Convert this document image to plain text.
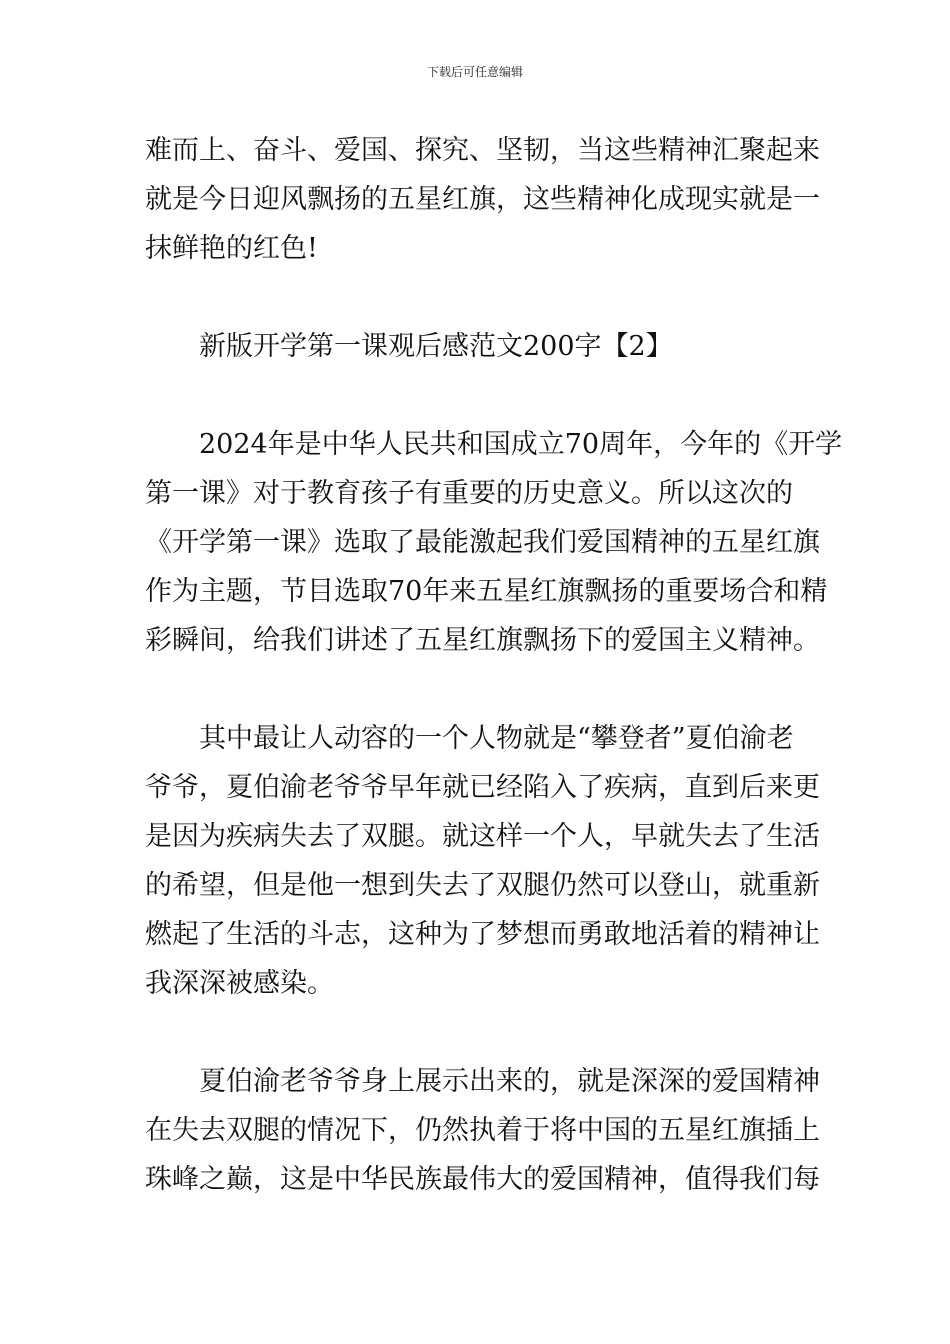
下载后可任意编辑

难而上、奋斗、爱国、探究、坚韧，当这些精神汇聚起来
就是今日迎风飘扬的五星红旗，这些精神化成现实就是一
抹鲜艳的红色!

新版开学第一课观后感范文200字【2】

2024年是中华人民共和国成立70周年，今年的《开学
第一课》对于教育孩子有重要的历史意义。所以这次的
《开学第一课》选取了最能激起我们爱国精神的五星红旗
作为主题，节目选取70年来五星红旗飘扬的重要场合和精
彩瞬间，给我们讲述了五星红旗飘扬下的爱国主义精神。

其中最让人动容的一个人物就是“攀登者”夏伯渝老
爷爷，夏伯渝老爷爷早年就已经陷入了疾病，直到后来更
是因为疾病失去了双腿。就这样一个人，早就失去了生活
的希望，但是他一想到失去了双腿仍然可以登山，就重新
燃起了生活的斗志，这种为了梦想而勇敢地活着的精神让
我深深被感染。

夏伯渝老爷爷身上展示出来的，就是深深的爱国精神
在失去双腿的情况下，仍然执着于将中国的五星红旗插上
珠峰之巅，这是中华民族最伟大的爱国精神，值得我们每
